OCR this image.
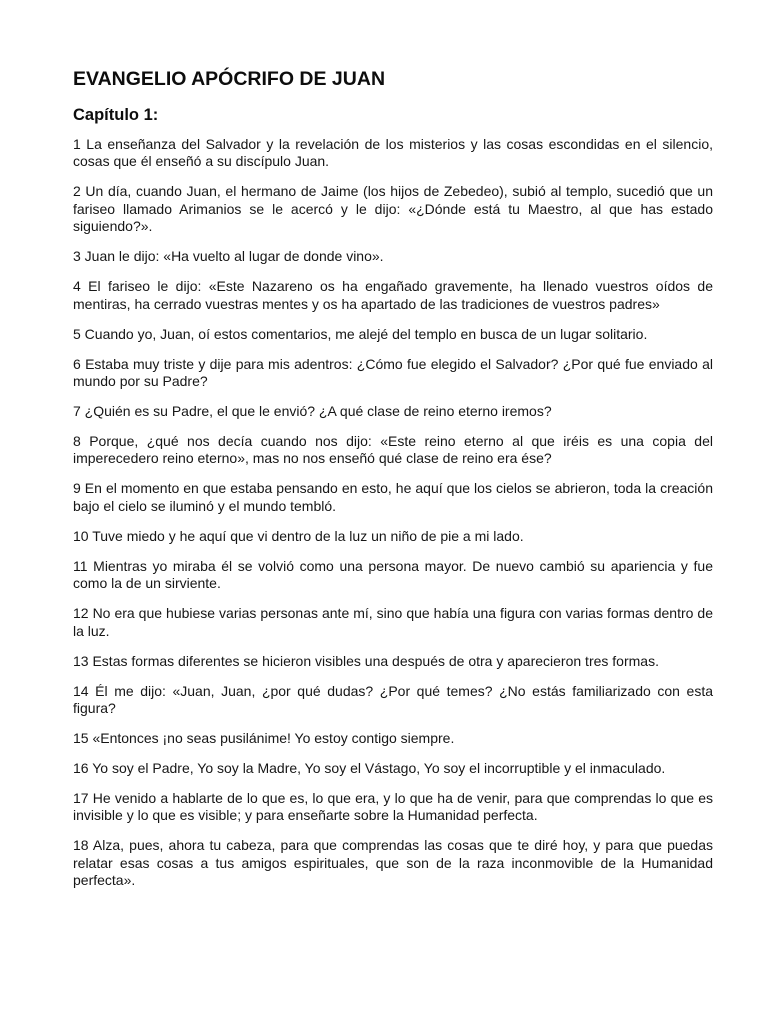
EVANGELIO APÓCRIFO DE JUAN
Capítulo 1:

1 La enseñanza del Salvador y la revelación de los misterios y las cosas escondidas en el silencio, cosas que él enseñó a su discípulo Juan.

2 Un día, cuando Juan, el hermano de Jaime (los hijos de Zebedeo), subió al templo, sucedió que un fariseo llamado Arimanios se le acercó y le dijo: «¿Dónde está tu Maestro, al que has estado siguiendo?».

3 Juan le dijo: «Ha vuelto al lugar de donde vino».

4 El fariseo le dijo: «Este Nazareno os ha engañado gravemente, ha llenado vuestros oídos de mentiras, ha cerrado vuestras mentes y os ha apartado de las tradiciones de vuestros padres»

5 Cuando yo, Juan, oí estos comentarios, me alejé del templo en busca de un lugar solitario.

6 Estaba muy triste y dije para mis adentros: ¿Cómo fue elegido el Salvador? ¿Por qué fue enviado al mundo por su Padre?

7 ¿Quién es su Padre, el que le envió? ¿A qué clase de reino eterno iremos?

8 Porque, ¿qué nos decía cuando nos dijo: «Este reino eterno al que iréis es una copia del imperecedero reino eterno», mas no nos enseñó qué clase de reino era ése?

9 En el momento en que estaba pensando en esto, he aquí que los cielos se abrieron, toda la creación bajo el cielo se iluminó y el mundo tembló.

10 Tuve miedo y he aquí que vi dentro de la luz un niño de pie a mi lado.

11 Mientras yo miraba él se volvió como una persona mayor. De nuevo cambió su apariencia y fue como la de un sirviente.

12 No era que hubiese varias personas ante mí, sino que había una figura con varias formas dentro de la luz.

13 Estas formas diferentes se hicieron visibles una después de otra y aparecieron tres formas.

14 Él me dijo: «Juan, Juan, ¿por qué dudas? ¿Por qué temes? ¿No estás familiarizado con esta figura?

15 «Entonces ¡no seas pusilánime! Yo estoy contigo siempre.

16 Yo soy el Padre, Yo soy la Madre, Yo soy el Vástago, Yo soy el incorruptible y el inmaculado.

17 He venido a hablarte de lo que es, lo que era, y lo que ha de venir, para que comprendas lo que es invisible y lo que es visible; y para enseñarte sobre la Humanidad perfecta.

18 Alza, pues, ahora tu cabeza, para que comprendas las cosas que te diré hoy, y para que puedas relatar esas cosas a tus amigos espirituales, que son de la raza inconmovible de la Humanidad perfecta».
